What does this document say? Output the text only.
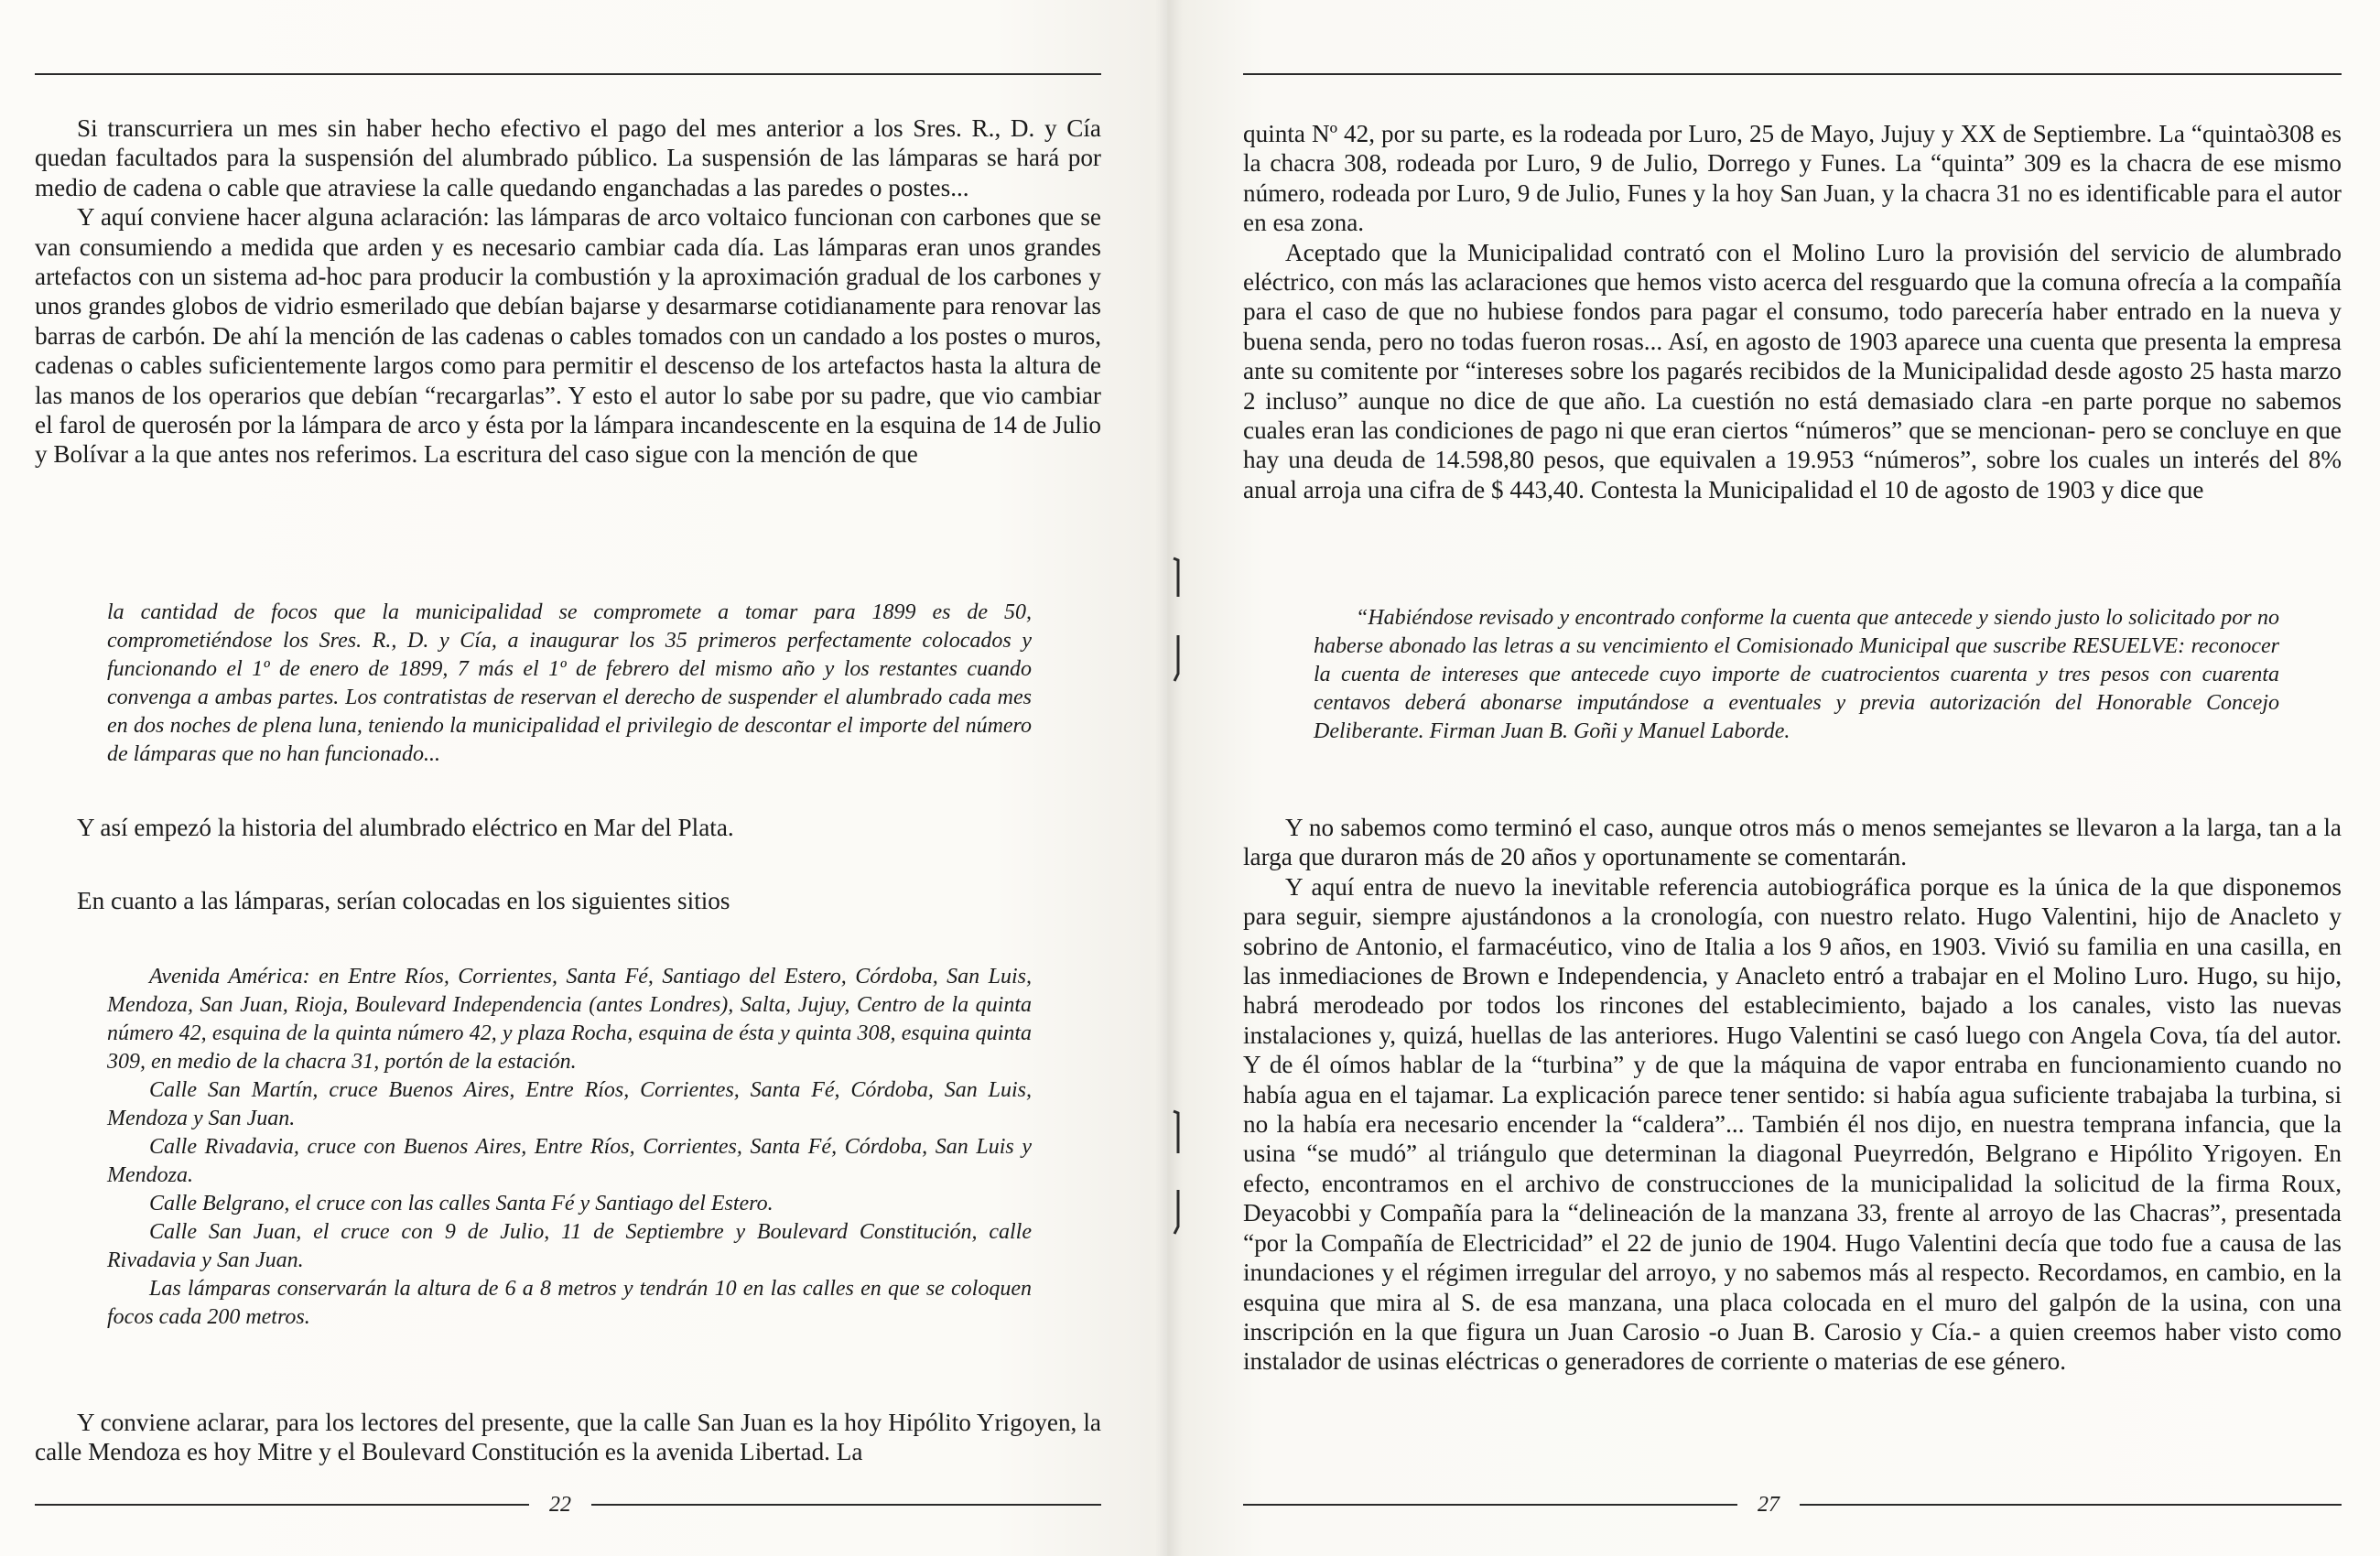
Si transcurriera un mes sin haber hecho efectivo el pago del mes anterior a los Sres. R., D. y Cía quedan facultados para la suspensión del alumbrado público. La suspensión de las lámparas se hará por medio de cadena o cable que atraviese la calle quedando enganchadas a las paredes o postes...

Y aquí conviene hacer alguna aclaración: las lámparas de arco voltaico funcionan con carbones que se van consumiendo a medida que arden y es necesario cambiar cada día. Las lámparas eran unos grandes artefactos con un sistema ad-hoc para producir la combustión y la aproximación gradual de los carbones y unos grandes globos de vidrio esmerilado que debían bajarse y desarmarse cotidianamente para renovar las barras de carbón. De ahí la mención de las cadenas o cables tomados con un candado a los postes o muros, cadenas o cables suficientemente largos como para permitir el descenso de los artefactos hasta la altura de las manos de los operarios que debían “recargarlas”. Y esto el autor lo sabe por su padre, que vio cambiar el farol de querosén por la lámpara de arco y ésta por la lámpara incandescente en la esquina de 14 de Julio y Bolívar a la que antes nos referimos. La escritura del caso sigue con la mención de que

la cantidad de focos que la municipalidad se compromete a tomar para 1899 es de 50, comprometiéndose los Sres. R., D. y Cía, a inaugurar los 35 primeros perfectamente colocados y funcionando el 1º de enero de 1899, 7 más el 1º de febrero del mismo año y los restantes cuando convenga a ambas partes. Los contratistas de reservan el derecho de suspender el alumbrado cada mes en dos noches de plena luna, teniendo la municipalidad el privilegio de descontar el importe del número de lámparas que no han funcionado...

Y así empezó la historia del alumbrado eléctrico en Mar del Plata.

En cuanto a las lámparas, serían colocadas en los siguientes sitios

Avenida América: en Entre Ríos, Corrientes, Santa Fé, Santiago del Estero, Córdoba, San Luis, Mendoza, San Juan, Rioja, Boulevard Independencia (antes Londres), Salta, Jujuy, Centro de la quinta número 42, esquina de la quinta número 42, y plaza Rocha, esquina de ésta y quinta 308, esquina quinta 309, en medio de la chacra 31, portón de la estación.

Calle San Martín, cruce Buenos Aires, Entre Ríos, Corrientes, Santa Fé, Córdoba, San Luis, Mendoza y San Juan.

Calle Rivadavia, cruce con Buenos Aires, Entre Ríos, Corrientes, Santa Fé, Córdoba, San Luis y Mendoza.

Calle Belgrano, el cruce con las calles Santa Fé y Santiago del Estero.

Calle San Juan, el cruce con 9 de Julio, 11 de Septiembre y Boulevard Constitución, calle Rivadavia y San Juan.

Las lámparas conservarán la altura de 6 a 8 metros y tendrán 10 en las calles en que se coloquen focos cada 200 metros.

Y conviene aclarar, para los lectores del presente, que la calle San Juan es la hoy Hipólito Yrigoyen, la calle Mendoza es hoy Mitre y el Boulevard Constitución es la avenida Libertad. La

22

quinta Nº 42, por su parte, es la rodeada por Luro, 25 de Mayo, Jujuy y XX de Septiembre. La “quintaò308 es la chacra 308, rodeada por Luro, 9 de Julio, Dorrego y Funes. La “quinta” 309 es la chacra de ese mismo número, rodeada por Luro, 9 de Julio, Funes y la hoy San Juan, y la chacra 31 no es identificable para el autor en esa zona.

Aceptado que la Municipalidad contrató con el Molino Luro la provisión del servicio de alumbrado eléctrico, con más las aclaraciones que hemos visto acerca del resguardo que la comuna ofrecía a la compañía para el caso de que no hubiese fondos para pagar el consumo, todo parecería haber entrado en la nueva y buena senda, pero no todas fueron rosas... Así, en agosto de 1903 aparece una cuenta que presenta la empresa ante su comitente por “intereses sobre los pagarés recibidos de la Municipalidad desde agosto 25 hasta marzo 2 incluso” aunque no dice de que año. La cuestión no está demasiado clara -en parte porque no sabemos cuales eran las condiciones de pago ni que eran ciertos “números” que se mencionan- pero se concluye en que hay una deuda de 14.598,80 pesos, que equivalen a 19.953 “números”, sobre los cuales un interés del 8% anual arroja una cifra de $ 443,40. Contesta la Municipalidad el 10 de agosto de 1903 y dice que

“Habiéndose revisado y encontrado conforme la cuenta que antecede y siendo justo lo solicitado por no haberse abonado las letras a su vencimiento el Comisionado Municipal que suscribe RESUELVE: reconocer la cuenta de intereses que antecede cuyo importe de cuatrocientos cuarenta y tres pesos con cuarenta centavos deberá abonarse imputándose a eventuales y previa autorización del Honorable Concejo Deliberante. Firman Juan B. Goñi y Manuel Laborde.

Y no sabemos como terminó el caso, aunque otros más o menos semejantes se llevaron a la larga, tan a la larga que duraron más de 20 años y oportunamente se comentarán.

Y aquí entra de nuevo la inevitable referencia autobiográfica porque es la única de la que disponemos para seguir, siempre ajustándonos a la cronología, con nuestro relato. Hugo Valentini, hijo de Anacleto y sobrino de Antonio, el farmacéutico, vino de Italia a los 9 años, en 1903. Vivió su familia en una casilla, en las inmediaciones de Brown e Independencia, y Anacleto entró a trabajar en el Molino Luro. Hugo, su hijo, habrá merodeado por todos los rincones del establecimiento, bajado a los canales, visto las nuevas instalaciones y, quizá, huellas de las anteriores. Hugo Valentini se casó luego con Angela Cova, tía del autor. Y de él oímos hablar de la “turbina” y de que la máquina de vapor entraba en funcionamiento cuando no había agua en el tajamar. La explicación parece tener sentido: si había agua suficiente trabajaba la turbina, si no la había era necesario encender la “caldera”... También él nos dijo, en nuestra temprana infancia, que la usina “se mudó” al triángulo que determinan la diagonal Pueyrredón, Belgrano e Hipólito Yrigoyen. En efecto, encontramos en el archivo de construcciones de la municipalidad la solicitud de la firma Roux, Deyacobbi y Compañía para la “delineación de la manzana 33, frente al arroyo de las Chacras”, presentada “por la Compañía de Electricidad” el 22 de junio de 1904. Hugo Valentini decía que todo fue a causa de las inundaciones y el régimen irregular del arroyo, y no sabemos más al respecto. Recordamos, en cambio, en la esquina que mira al S. de esa manzana, una placa colocada en el muro del galpón de la usina, con una inscripción en la que figura un Juan Carosio -o Juan B. Carosio y Cía.- a quien creemos haber visto como instalador de usinas eléctricas o generadores de corriente o materias de ese género.

27
